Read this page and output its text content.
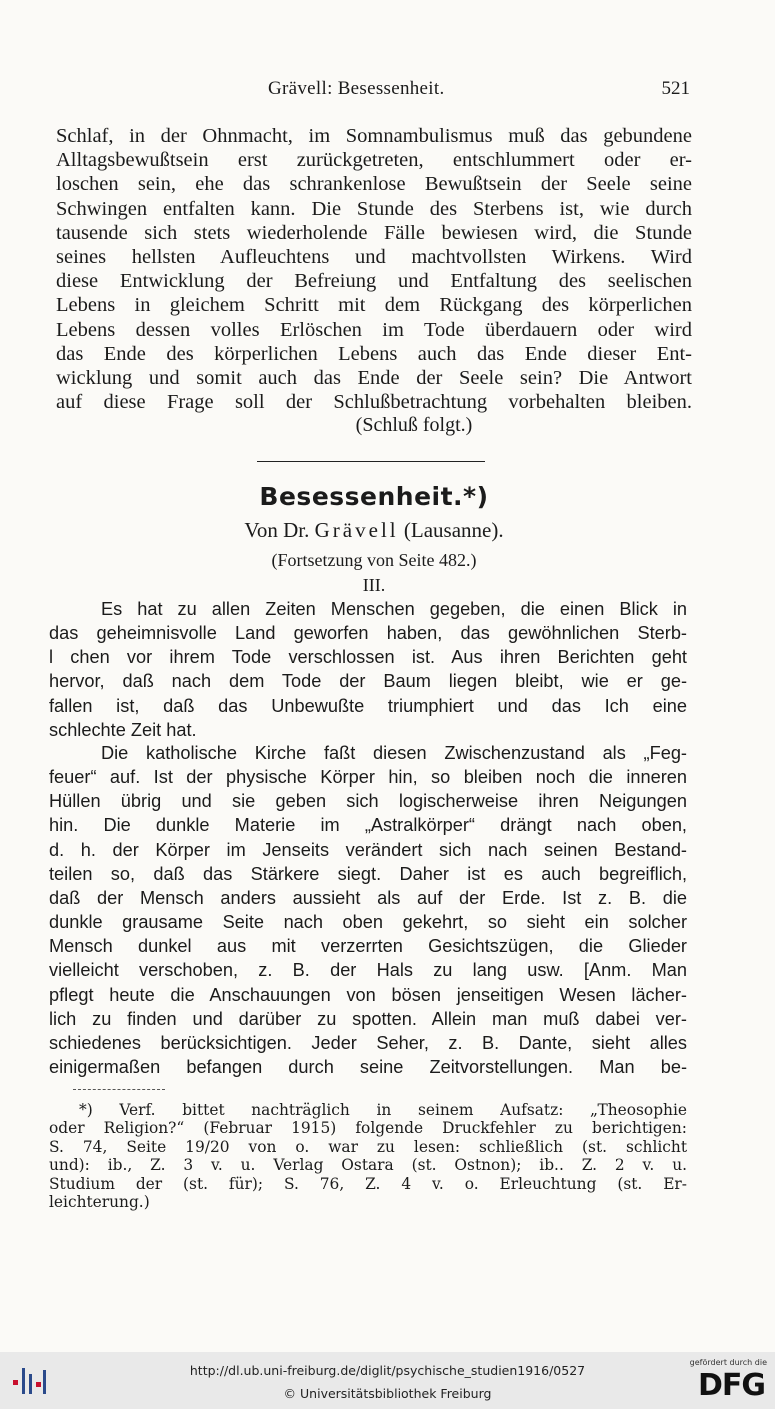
Grävell: Besessenheit.	521
Schlaf, in der Ohnmacht, im Somnambulismus muß das gebundene
Alltagsbewußtsein erst zurückgetreten, entschlummert oder er-
loschen sein, ehe das schrankenlose Bewußtsein der Seele seine
Schwingen entfalten kann. Die Stunde des Sterbens ist, wie durch
tausende sich stets wiederholende Fälle bewiesen wird, die Stunde
seines hellsten Aufleuchtens und machtvollsten Wirkens. Wird
diese Entwicklung der Befreiung und Entfaltung des seelischen
Lebens in gleichem Schritt mit dem Rückgang des körperlichen
Lebens dessen volles Erlöschen im Tode überdauern oder wird
das Ende des körperlichen Lebens auch das Ende dieser Ent-
wicklung und somit auch das Ende der Seele sein? Die Antwort
auf diese Frage soll der Schlußbetrachtung vorbehalten bleiben.
(Schluß folgt.)
Besessenheit.*)
Von Dr. Grävell (Lausanne).
(Fortsetzung von Seite 482.)
III.
Es hat zu allen Zeiten Menschen gegeben, die einen Blick in
das geheimnisvolle Land geworfen haben, das gewöhnlichen Sterb-
l chen vor ihrem Tode verschlossen ist. Aus ihren Berichten geht
hervor, daß nach dem Tode der Baum liegen bleibt, wie er ge-
fallen ist, daß das Unbewußte triumphiert und das Ich eine
schlechte Zeit hat.
Die katholische Kirche faßt diesen Zwischenzustand als „Feg-
feuer“ auf. Ist der physische Körper hin, so bleiben noch die inneren
Hüllen übrig und sie geben sich logischerweise ihren Neigungen
hin. Die dunkle Materie im „Astralkörper“ drängt nach oben,
d. h. der Körper im Jenseits verändert sich nach seinen Bestand-
teilen so, daß das Stärkere siegt. Daher ist es auch begreiflich,
daß der Mensch anders aussieht als auf der Erde. Ist z. B. die
dunkle grausame Seite nach oben gekehrt, so sieht ein solcher
Mensch dunkel aus mit verzerrten Gesichtszügen, die Glieder
vielleicht verschoben, z. B. der Hals zu lang usw. [Anm. Man
pflegt heute die Anschauungen von bösen jenseitigen Wesen lächer-
lich zu finden und darüber zu spotten. Allein man muß dabei ver-
schiedenes berücksichtigen. Jeder Seher, z. B. Dante, sieht alles
einigermaßen befangen durch seine Zeitvorstellungen. Man be-
*) Verf. bittet nachträglich in seinem Aufsatz: „Theosophie
oder Religion?“ (Februar 1915) folgende Druckfehler zu berichtigen:
S. 74, Seite 19/20 von o. war zu lesen: schließlich (st. schlicht
und): ib., Z. 3 v. u. Verlag Ostara (st. Ostnon); ib.. Z. 2 v. u.
Studium der (st. für); S. 76, Z. 4 v. o. Erleuchtung (st. Er-
leichterung.)
http://dl.ub.uni-freiburg.de/diglit/psychische_studien1916/0527
© Universitätsbibliothek Freiburg
gefördert durch die
DFG
